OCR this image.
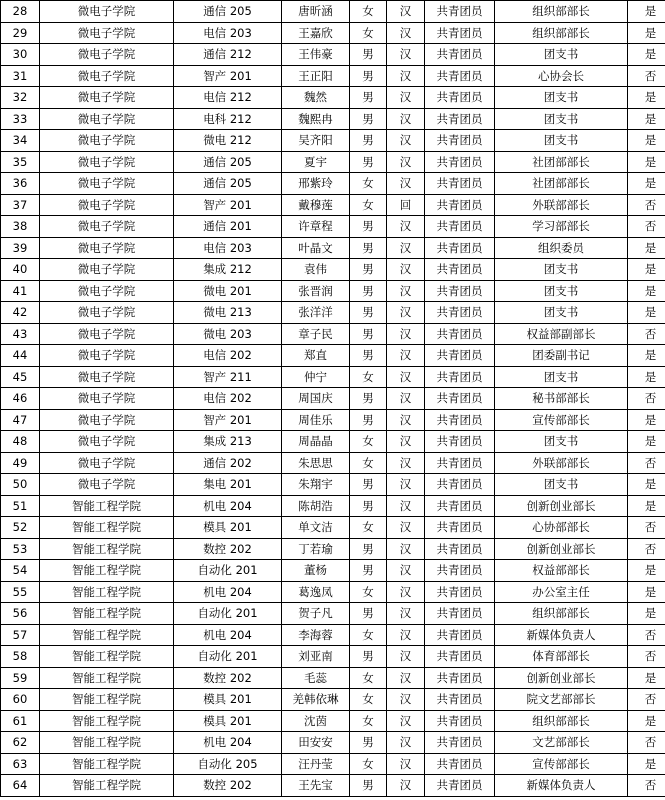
28	微电子学院	通信 205	唐昕涵	女	汉	共青团员	组织部部长	是
29	微电子学院	电信 203	王嘉欣	女	汉	共青团员	组织部部长	是
30	微电子学院	通信 212	王伟豪	男	汉	共青团员	团支书	是
31	微电子学院	智产 201	王正阳	男	汉	共青团员	心协会长	否
32	微电子学院	电信 212	魏然	男	汉	共青团员	团支书	是
33	微电子学院	电科 212	魏熙冉	男	汉	共青团员	团支书	是
34	微电子学院	微电 212	吴齐阳	男	汉	共青团员	团支书	是
35	微电子学院	通信 205	夏宇	男	汉	共青团员	社团部部长	是
36	微电子学院	通信 205	邢紫玲	女	汉	共青团员	社团部部长	是
37	微电子学院	智产 201	戴穆莲	女	回	共青团员	外联部部长	否
38	微电子学院	通信 201	许章程	男	汉	共青团员	学习部部长	否
39	微电子学院	电信 203	叶晶文	男	汉	共青团员	组织委员	是
40	微电子学院	集成 212	袁伟	男	汉	共青团员	团支书	是
41	微电子学院	微电 201	张晋润	男	汉	共青团员	团支书	是
42	微电子学院	微电 213	张洋洋	男	汉	共青团员	团支书	是
43	微电子学院	微电 203	章子民	男	汉	共青团员	权益部副部长	否
44	微电子学院	电信 202	郑直	男	汉	共青团员	团委副书记	是
45	微电子学院	智产 211	仲宁	女	汉	共青团员	团支书	是
46	微电子学院	电信 202	周国庆	男	汉	共青团员	秘书部部长	否
47	微电子学院	智产 201	周佳乐	男	汉	共青团员	宣传部部长	是
48	微电子学院	集成 213	周晶晶	女	汉	共青团员	团支书	是
49	微电子学院	通信 202	朱思思	女	汉	共青团员	外联部部长	否
50	微电子学院	集电 201	朱翔宇	男	汉	共青团员	团支书	是
51	智能工程学院	机电 204	陈胡浩	男	汉	共青团员	创新创业部长	是
52	智能工程学院	模具 201	单文洁	女	汉	共青团员	心协部部长	否
53	智能工程学院	数控 202	丁若瑜	男	汉	共青团员	创新创业部长	否
54	智能工程学院	自动化 201	董杨	男	汉	共青团员	权益部部长	是
55	智能工程学院	机电 204	葛逸凤	女	汉	共青团员	办公室主任	是
56	智能工程学院	自动化 201	贺子凡	男	汉	共青团员	组织部部长	是
57	智能工程学院	机电 204	李海蓉	女	汉	共青团员	新媒体负责人	否
58	智能工程学院	自动化 201	刘亚南	男	汉	共青团员	体育部部长	否
59	智能工程学院	数控 202	毛蕊	女	汉	共青团员	创新创业部长	是
60	智能工程学院	模具 201	羌韩依琳	女	汉	共青团员	院文艺部部长	否
61	智能工程学院	模具 201	沈茵	女	汉	共青团员	组织部部长	是
62	智能工程学院	机电 204	田安安	男	汉	共青团员	文艺部部长	否
63	智能工程学院	自动化 205	汪丹莹	女	汉	共青团员	宣传部部长	是
64	智能工程学院	数控 202	王先宝	男	汉	共青团员	新媒体负责人	否
